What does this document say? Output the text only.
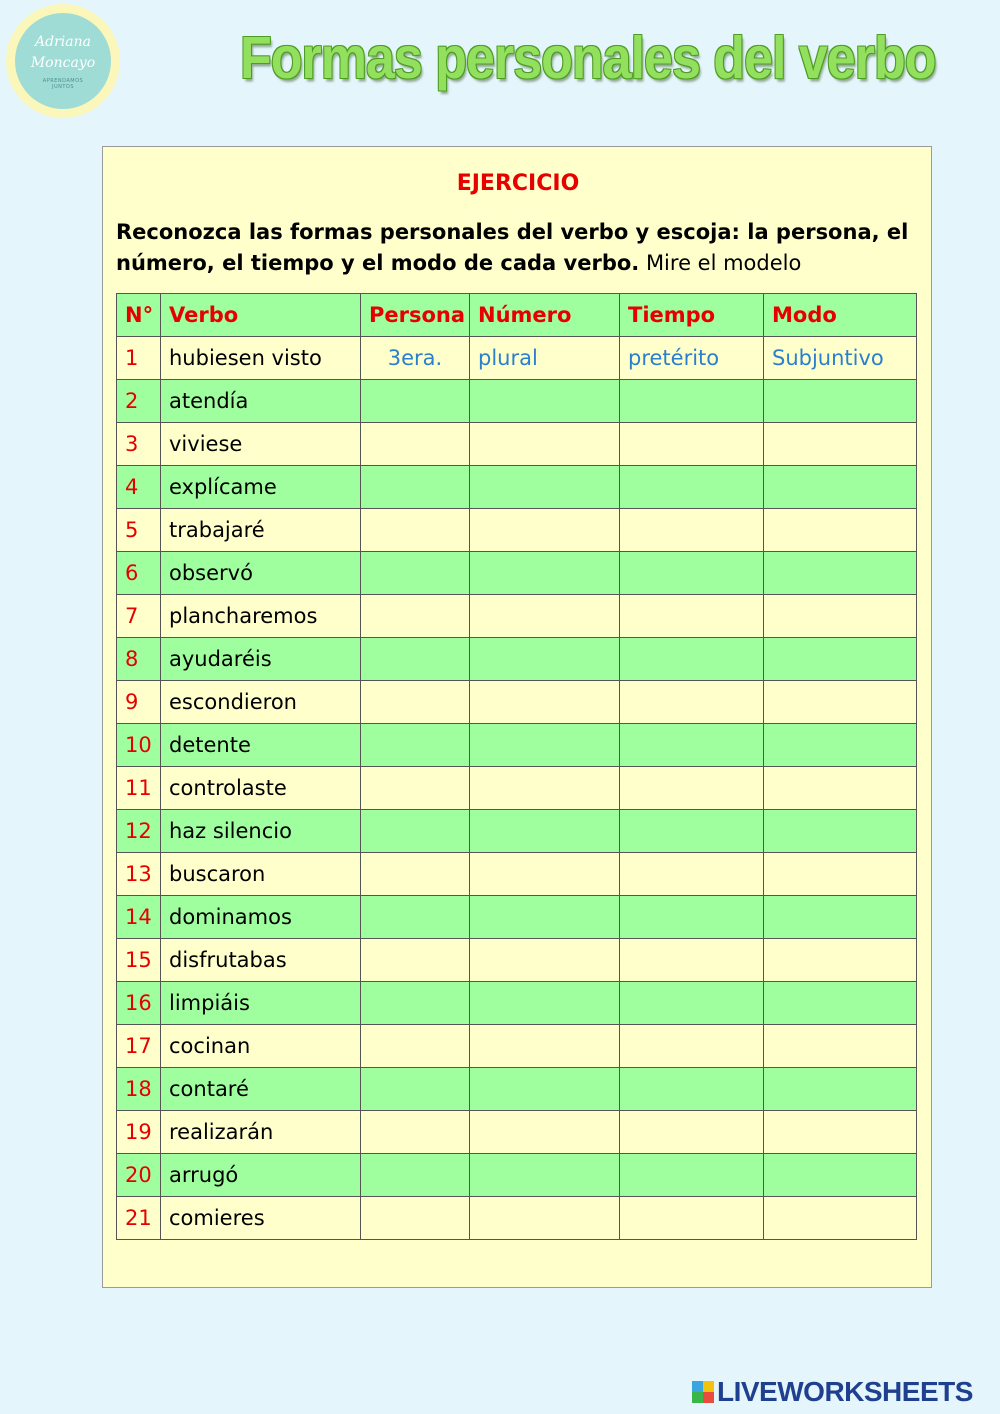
Adriana Moncayo
APRENDAMOS JUNTOS	Formas personales del verbo
EJERCICIO
Reconozca las formas personales del verbo y escoja: la persona, el número, el tiempo y el modo de cada verbo. Mire el modelo
N°	Verbo	Persona	Número	Tiempo	Modo
1	hubiesen visto	3era.	plural	pretérito	Subjuntivo
2	atendía				
3	viviese				
4	explícame				
5	trabajaré				
6	observó				
7	plancharemos				
8	ayudaréis				
9	escondieron				
10	detente				
11	controlaste				
12	haz silencio				
13	buscaron				
14	dominamos				
15	disfrutabas				
16	limpiáis				
17	cocinan				
18	contaré				
19	realizarán				
20	arrugó				
21	comieres				
LIVEWORKSHEETS
